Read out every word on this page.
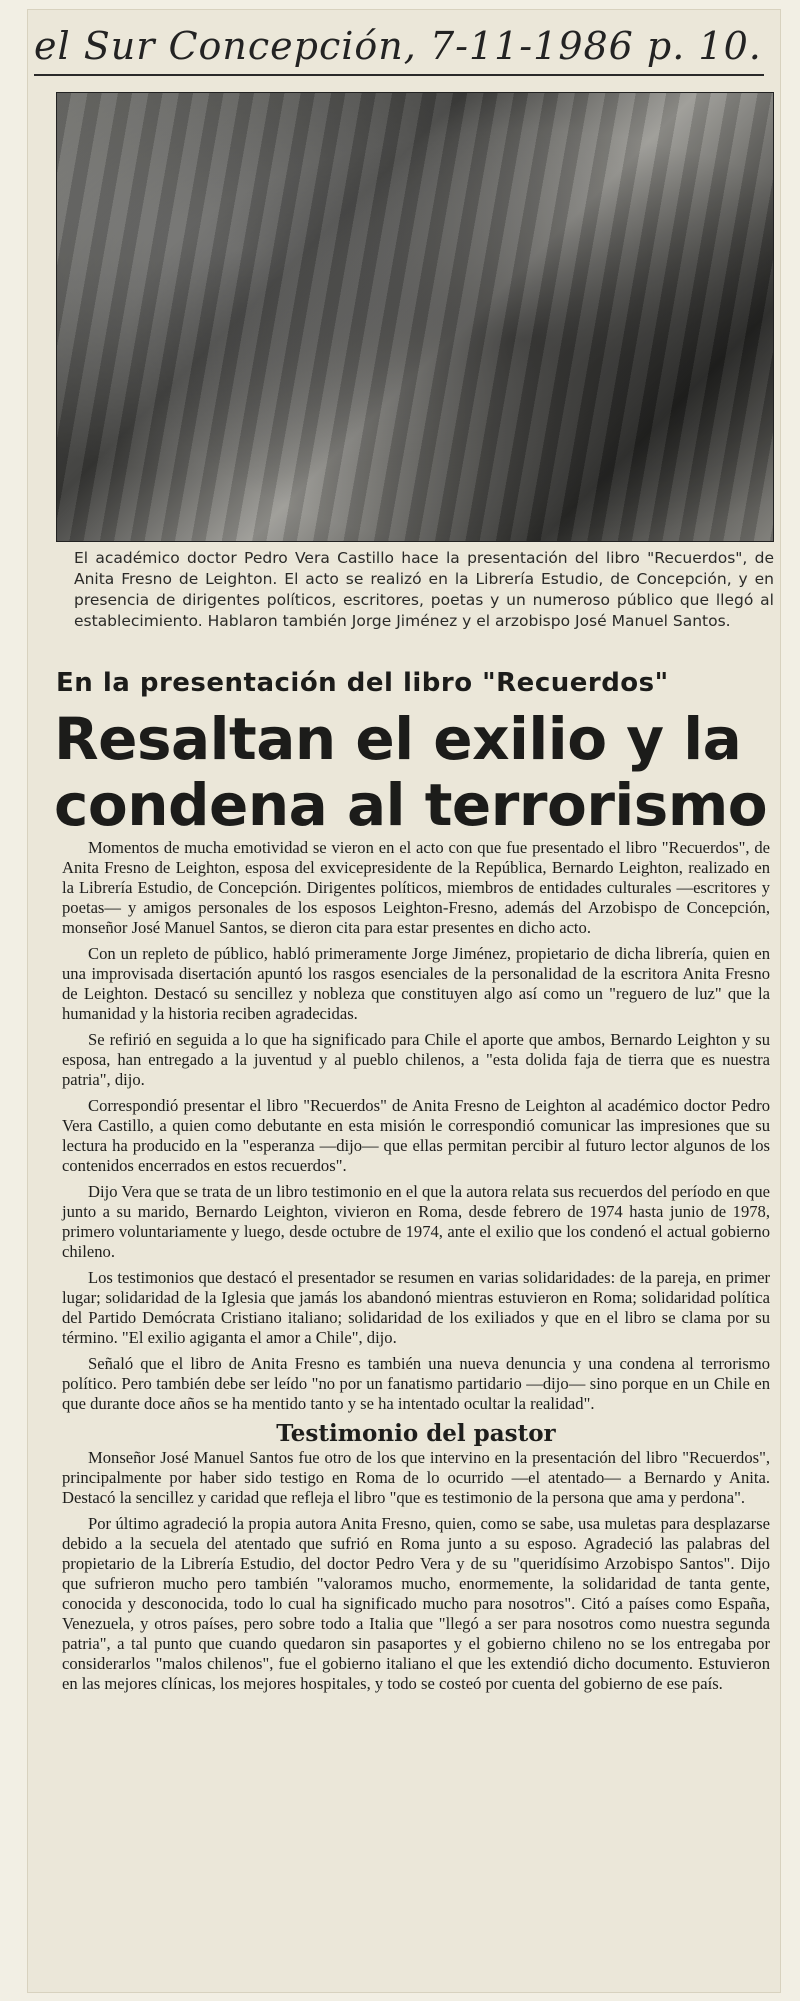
el Sur Concepción, 7-11-1986 p. 10.
El académico doctor Pedro Vera Castillo hace la presentación del libro "Recuerdos", de Anita Fresno de Leighton. El acto se realizó en la Librería Estudio, de Concepción, y en presencia de dirigentes políticos, escritores, poetas y un numeroso público que llegó al establecimiento. Hablaron también Jorge Jiménez y el arzobispo José Manuel Santos.
En la presentación del libro "Recuerdos"
Resaltan el exilio y la
condena al terrorismo

Momentos de mucha emotividad se vieron en el acto con que fue presentado el libro "Recuerdos", de Anita Fresno de Leighton, esposa del exvicepresidente de la República, Bernardo Leighton, realizado en la Librería Estudio, de Concepción. Dirigentes políticos, miembros de entidades culturales —escritores y poetas— y amigos personales de los esposos Leighton-Fresno, además del Arzobispo de Concepción, monseñor José Manuel Santos, se dieron cita para estar presentes en dicho acto.

Con un repleto de público, habló primeramente Jorge Jiménez, propietario de dicha librería, quien en una improvisada disertación apuntó los rasgos esenciales de la personalidad de la escritora Anita Fresno de Leighton. Destacó su sencillez y nobleza que constituyen algo así como un "reguero de luz" que la humanidad y la historia reciben agradecidas.

Se refirió en seguida a lo que ha significado para Chile el aporte que ambos, Bernardo Leighton y su esposa, han entregado a la juventud y al pueblo chilenos, a "esta dolida faja de tierra que es nuestra patria", dijo.

Correspondió presentar el libro "Recuerdos" de Anita Fresno de Leighton al académico doctor Pedro Vera Castillo, a quien como debutante en esta misión le correspondió comunicar las impresiones que su lectura ha producido en la "esperanza —dijo— que ellas permitan percibir al futuro lector algunos de los contenidos encerrados en estos recuerdos".

Dijo Vera que se trata de un libro testimonio en el que la autora relata sus recuerdos del período en que junto a su marido, Bernardo Leighton, vivieron en Roma, desde febrero de 1974 hasta junio de 1978, primero voluntariamente y luego, desde octubre de 1974, ante el exilio que los condenó el actual gobierno chileno.

Los testimonios que destacó el presentador se resumen en varias solidaridades: de la pareja, en primer lugar; solidaridad de la Iglesia que jamás los abandonó mientras estuvieron en Roma; solidaridad política del Partido Demócrata Cristiano italiano; solidaridad de los exiliados y que en el libro se clama por su término. "El exilio agiganta el amor a Chile", dijo.

Señaló que el libro de Anita Fresno es también una nueva denuncia y una condena al terrorismo político. Pero también debe ser leído "no por un fanatismo partidario —dijo— sino porque en un Chile en que durante doce años se ha mentido tanto y se ha intentado ocultar la realidad".

Testimonio del pastor

Monseñor José Manuel Santos fue otro de los que intervino en la presentación del libro "Recuerdos", principalmente por haber sido testigo en Roma de lo ocurrido —el atentado— a Bernardo y Anita. Destacó la sencillez y caridad que refleja el libro "que es testimonio de la persona que ama y perdona".

Por último agradeció la propia autora Anita Fresno, quien, como se sabe, usa muletas para desplazarse debido a la secuela del atentado que sufrió en Roma junto a su esposo. Agradeció las palabras del propietario de la Librería Estudio, del doctor Pedro Vera y de su "queridísimo Arzobispo Santos". Dijo que sufrieron mucho pero también "valoramos mucho, enormemente, la solidaridad de tanta gente, conocida y desconocida, todo lo cual ha significado mucho para nosotros". Citó a países como España, Venezuela, y otros países, pero sobre todo a Italia que "llegó a ser para nosotros como nuestra segunda patria", a tal punto que cuando quedaron sin pasaportes y el gobierno chileno no se los entregaba por considerarlos "malos chilenos", fue el gobierno italiano el que les extendió dicho documento. Estuvieron en las mejores clínicas, los mejores hospitales, y todo se costeó por cuenta del gobierno de ese país.
